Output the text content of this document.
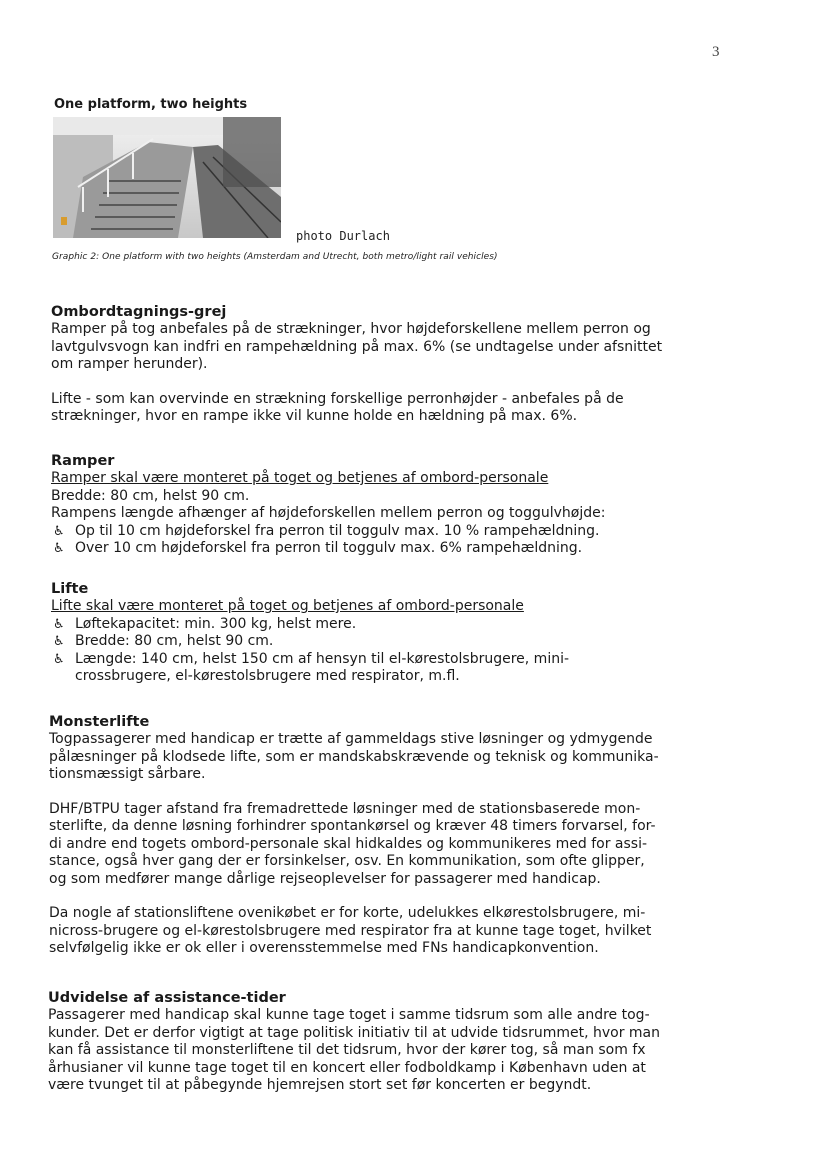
3
One platform, two heights
photo Durlach
Graphic 2: One platform with two heights (Amsterdam and Utrecht, both metro/light rail vehicles)
Ombordtagnings-grej
Ramper på tog anbefales på de strækninger, hvor højdeforskellene mellem perron og
lavtgulvsvogn kan indfri en rampehældning på max. 6% (se undtagelse under afsnittet
om ramper herunder).
Lifte - som kan overvinde en strækning forskellige perronhøjder - anbefales på de
strækninger, hvor en rampe ikke vil kunne holde en hældning på max. 6%.
Ramper
Ramper skal være monteret på toget og betjenes af ombord-personale
Bredde: 80 cm, helst 90 cm.
Rampens længde afhænger af højdeforskellen mellem perron og toggulvhøjde:
♿ Op til 10 cm højdeforskel fra perron til toggulv max. 10 % rampehældning.
♿ Over 10 cm højdeforskel fra perron til toggulv max. 6% rampehældning.
Lifte
Lifte skal være monteret på toget og betjenes af ombord-personale
♿ Løftekapacitet: min. 300 kg, helst mere.
♿ Bredde: 80 cm, helst 90 cm.
♿ Længde: 140 cm, helst 150 cm af hensyn til el-kørestolsbrugere, mini-
crossbrugere, el-kørestolsbrugere med respirator, m.fl.
Monsterlifte
Togpassagerer med handicap er trætte af gammeldags stive løsninger og ydmygende
pålæsninger på klodsede lifte, som er mandskabskrævende og teknisk og kommunika-
tionsmæssigt sårbare.
DHF/BTPU tager afstand fra fremadrettede løsninger med de stationsbaserede mon-
sterlifte, da denne løsning forhindrer spontankørsel og kræver 48 timers forvarsel, for-
di andre end togets ombord-personale skal hidkaldes og kommunikeres med for assi-
stance, også hver gang der er forsinkelser, osv. En kommunikation, som ofte glipper,
og som medfører mange dårlige rejseoplevelser for passagerer med handicap.
Da nogle af stationsliftene ovenikøbet er for korte, udelukkes elkørestolsbrugere, mi-
nicross-brugere og el-kørestolsbrugere med respirator fra at kunne tage toget, hvilket
selvfølgelig ikke er ok eller i overensstemmelse med FNs handicapkonvention.
Udvidelse af assistance-tider
Passagerer med handicap skal kunne tage toget i samme tidsrum som alle andre tog-
kunder. Det er derfor vigtigt at tage politisk initiativ til at udvide tidsrummet, hvor man
kan få assistance til monsterliftene til det tidsrum, hvor der kører tog, så man som fx
århusianer vil kunne tage toget til en koncert eller fodboldkamp i København uden at
være tvunget til at påbegynde hjemrejsen stort set før koncerten er begyndt.
